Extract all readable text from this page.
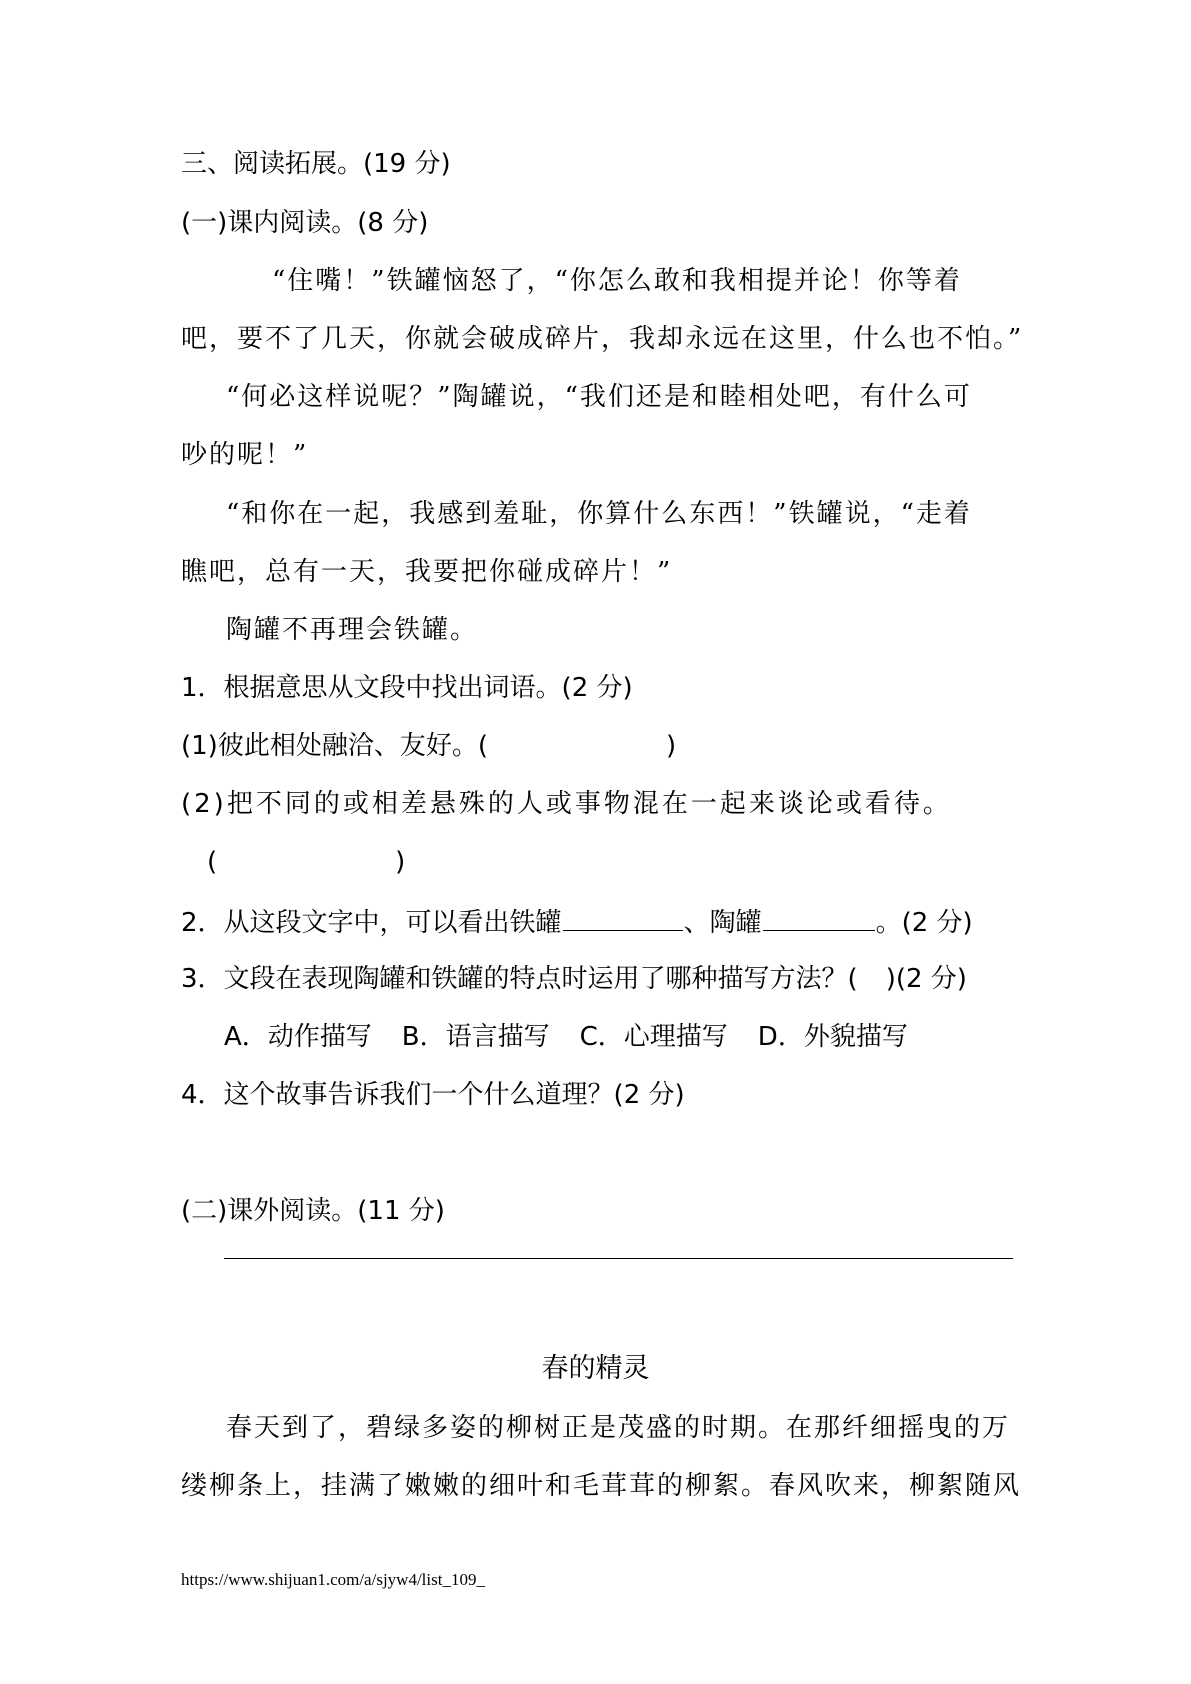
三、阅读拓展。(19 分)
(一)课内阅读。(8 分)
“住嘴！”铁罐恼怒了，“你怎么敢和我相提并论！你等着
吧，要不了几天，你就会破成碎片，我却永远在这里，什么也不怕。”
“何必这样说呢？”陶罐说，“我们还是和睦相处吧，有什么可
吵的呢！”
“和你在一起，我感到羞耻，你算什么东西！”铁罐说，“走着
瞧吧，总有一天，我要把你碰成碎片！”
陶罐不再理会铁罐。
1．根据意思从文段中找出词语。(2 分)
(1)彼此相处融洽、友好。(	)
(2)把不同的或相差悬殊的人或事物混在一起来谈论或看待。
(	)
2．从这段文字中，可以看出铁罐	、陶罐	。(2 分)
3．文段在表现陶罐和铁罐的特点时运用了哪种描写方法？( )(2 分)
A．动作描写 B．语言描写 C．心理描写 D．外貌描写
4．这个故事告诉我们一个什么道理？(2 分)
(二)课外阅读。(11 分)
春的精灵
春天到了，碧绿多姿的柳树正是茂盛的时期。在那纤细摇曳的万
缕柳条上，挂满了嫩嫩的细叶和毛茸茸的柳絮。春风吹来，柳絮随风
https://www.shijuan1.com/a/sjyw4/list_109_
